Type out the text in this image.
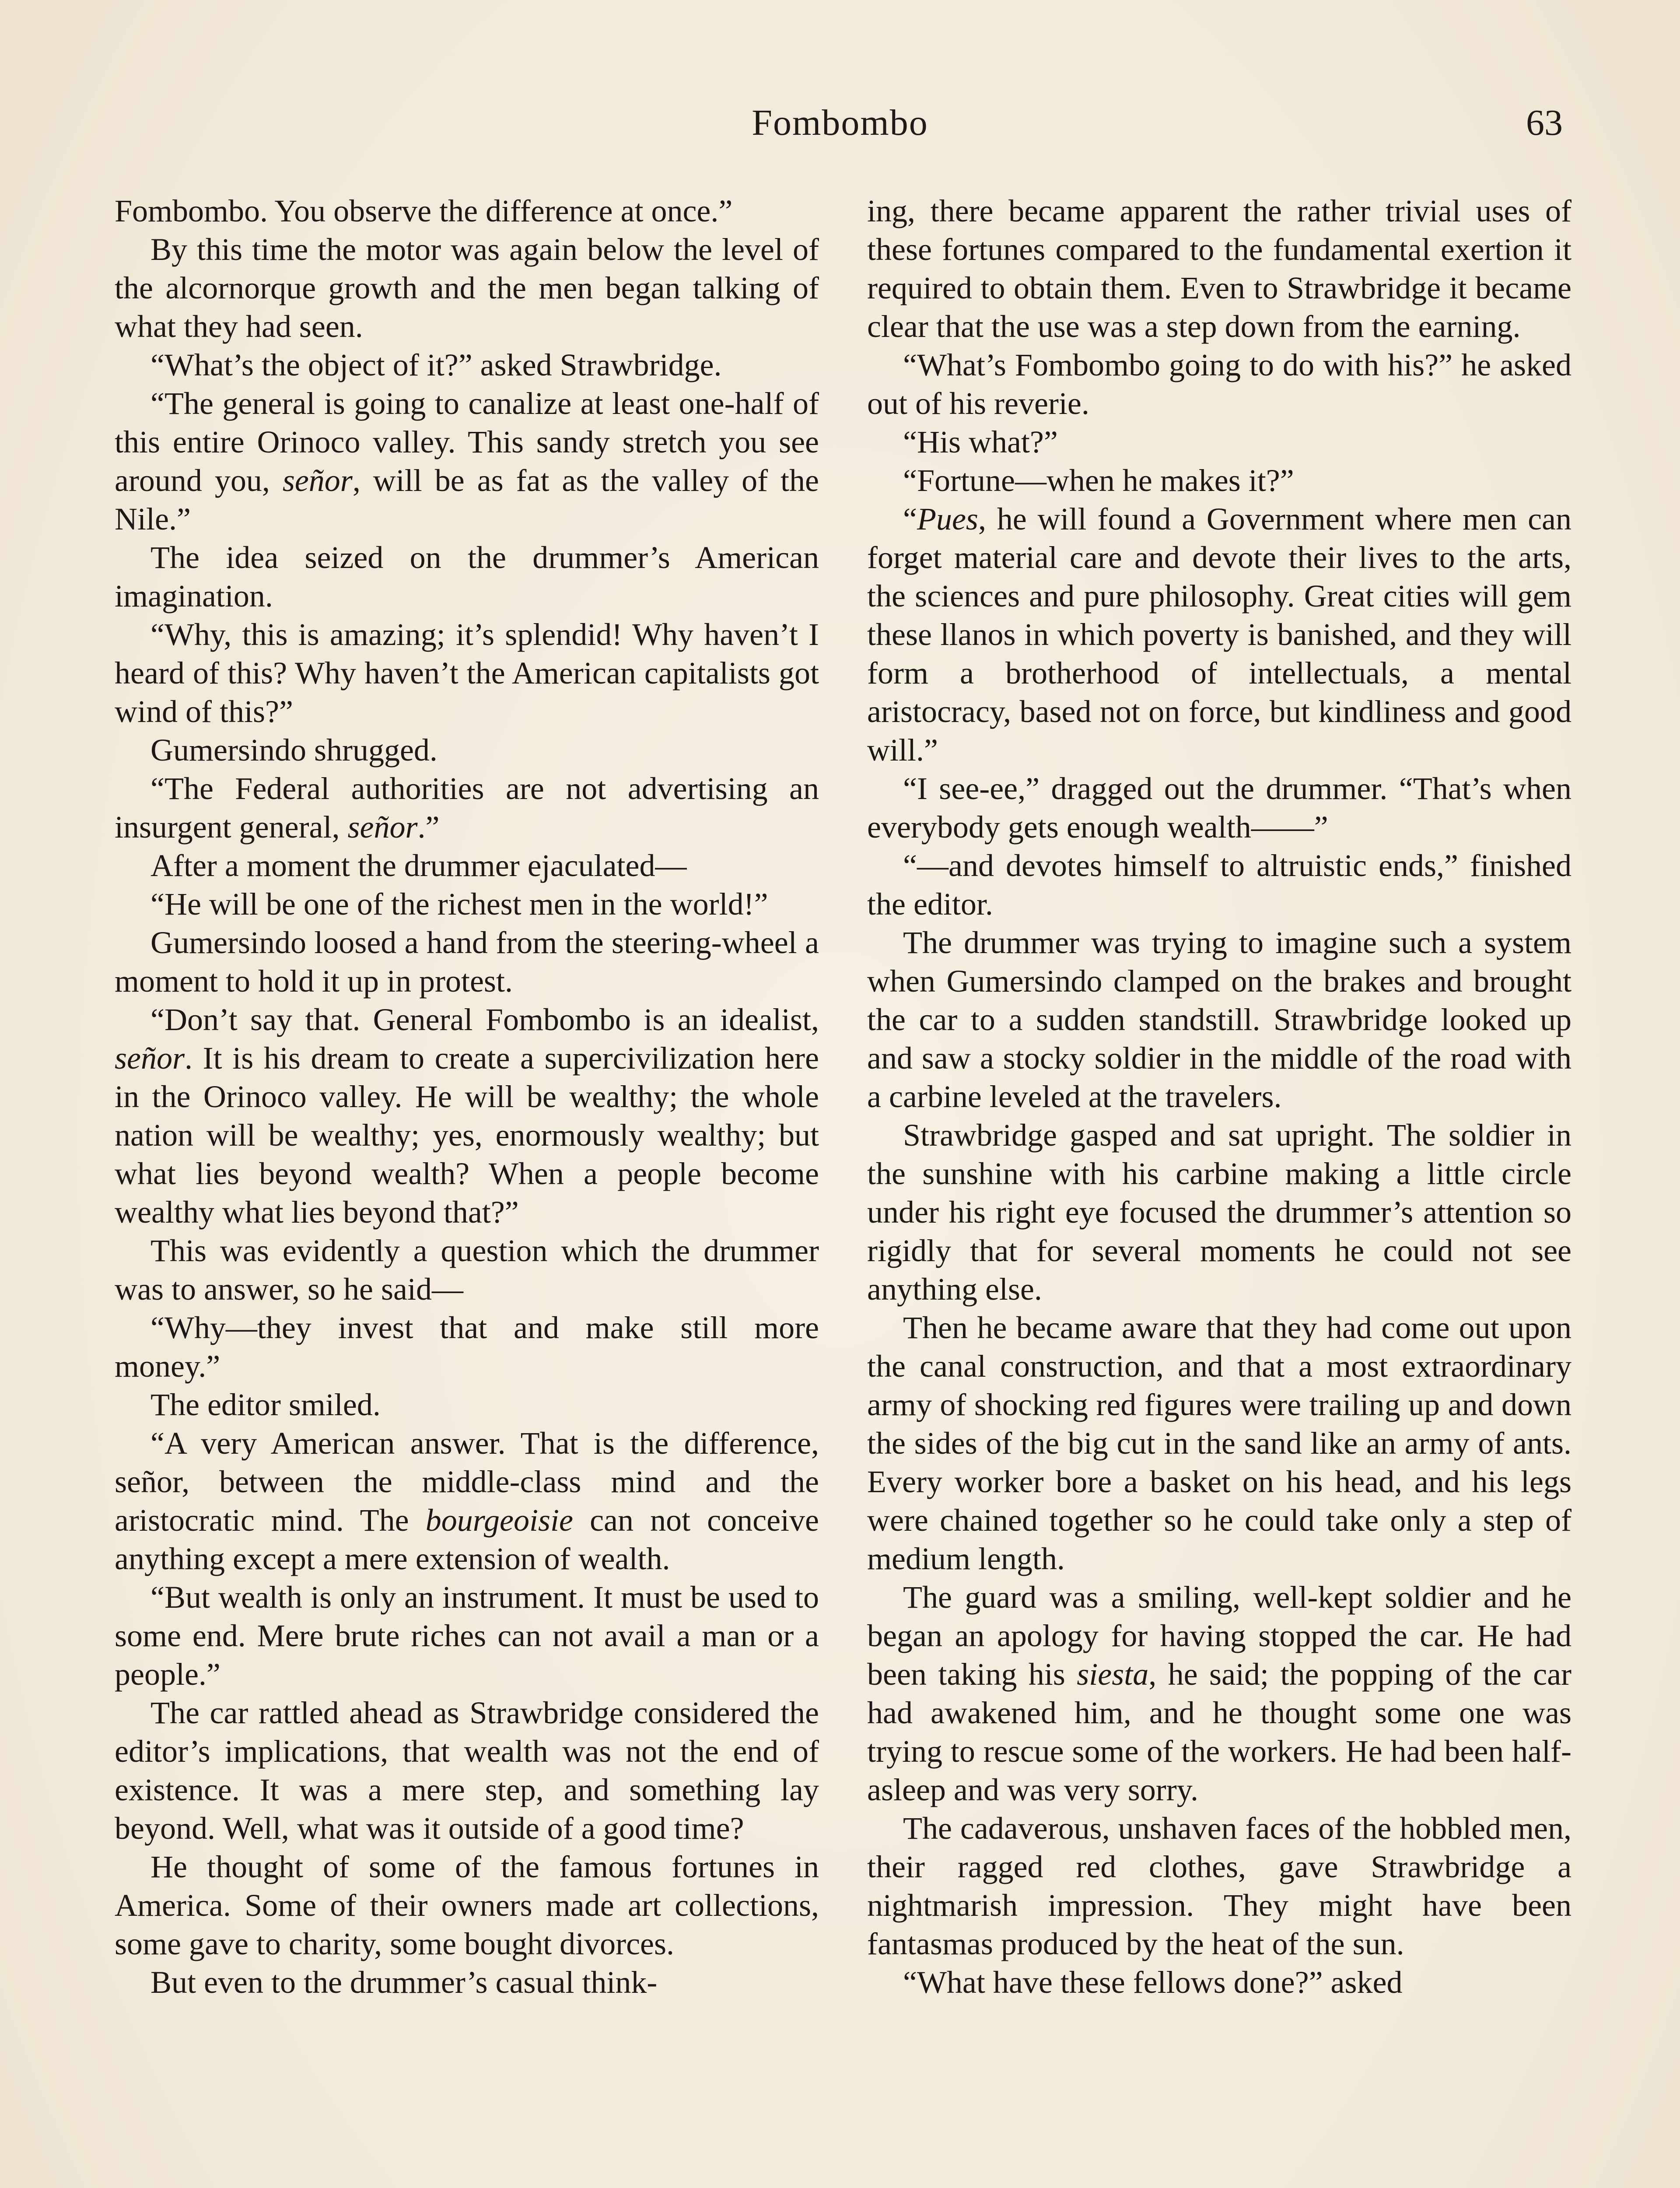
Fombombo	63

Fombombo. You observe the difference at once.”

By this time the motor was again below the level of the alcornorque growth and the men began talking of what they had seen.

“What’s the object of it?” asked Strawbridge.

“The general is going to canalize at least one-half of this entire Orinoco valley. This sandy stretch you see around you, señor, will be as fat as the valley of the Nile.”

The idea seized on the drummer’s American imagination.

“Why, this is amazing; it’s splendid! Why haven’t I heard of this? Why haven’t the American capitalists got wind of this?”

Gumersindo shrugged.

“The Federal authorities are not advertising an insurgent general, señor.”

After a moment the drummer ejaculated—

“He will be one of the richest men in the world!”

Gumersindo loosed a hand from the steering-wheel a moment to hold it up in protest.

“Don’t say that. General Fombombo is an idealist, señor. It is his dream to create a supercivilization here in the Orinoco valley. He will be wealthy; the whole nation will be wealthy; yes, enormously wealthy; but what lies beyond wealth? When a people become wealthy what lies beyond that?”

This was evidently a question which the drummer was to answer, so he said—

“Why—they invest that and make still more money.”

The editor smiled.

“A very American answer. That is the difference, señor, between the middle-class mind and the aristocratic mind. The bourgeoisie can not conceive anything except a mere extension of wealth.

“But wealth is only an instrument. It must be used to some end. Mere brute riches can not avail a man or a people.”

The car rattled ahead as Strawbridge considered the editor’s implications, that wealth was not the end of existence. It was a mere step, and something lay beyond. Well, what was it outside of a good time?

He thought of some of the famous fortunes in America. Some of their owners made art collections, some gave to charity, some bought divorces.

But even to the drummer’s casual think-

ing, there became apparent the rather trivial uses of these fortunes compared to the fundamental exertion it required to obtain them. Even to Strawbridge it became clear that the use was a step down from the earning.

“What’s Fombombo going to do with his?” he asked out of his reverie.

“His what?”

“Fortune—when he makes it?”

“Pues, he will found a Government where men can forget material care and devote their lives to the arts, the sciences and pure philosophy. Great cities will gem these llanos in which poverty is banished, and they will form a brotherhood of intellectuals, a mental aristocracy, based not on force, but kindliness and good will.”

“I see-ee,” dragged out the drummer. “That’s when everybody gets enough wealth——”

“—and devotes himself to altruistic ends,” finished the editor.

The drummer was trying to imagine such a system when Gumersindo clamped on the brakes and brought the car to a sudden standstill. Strawbridge looked up and saw a stocky soldier in the middle of the road with a carbine leveled at the travelers.

Strawbridge gasped and sat upright. The soldier in the sunshine with his carbine making a little circle under his right eye focused the drummer’s attention so rigidly that for several moments he could not see anything else.

Then he became aware that they had come out upon the canal construction, and that a most extraordinary army of shocking red figures were trailing up and down the sides of the big cut in the sand like an army of ants. Every worker bore a basket on his head, and his legs were chained together so he could take only a step of medium length.

The guard was a smiling, well-kept soldier and he began an apology for having stopped the car. He had been taking his siesta, he said; the popping of the car had awakened him, and he thought some one was trying to rescue some of the workers. He had been half-asleep and was very sorry.

The cadaverous, unshaven faces of the hobbled men, their ragged red clothes, gave Strawbridge a nightmarish impression. They might have been fantasmas produced by the heat of the sun.

“What have these fellows done?” asked
